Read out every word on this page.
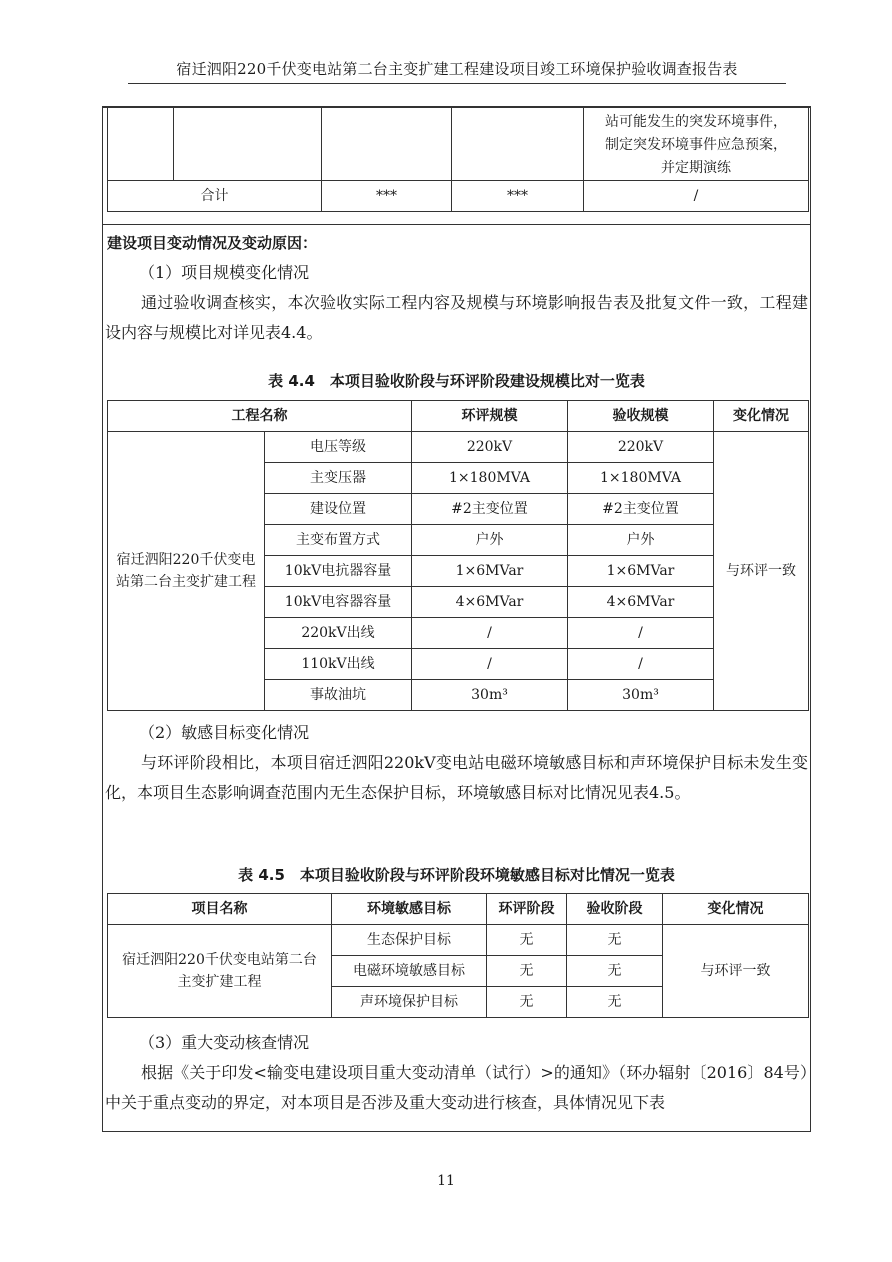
宿迁泗阳220千伏变电站第二台主变扩建工程建设项目竣工环境保护验收调查报告表

				站可能发生的突发环境事件，
制定突发环境事件应急预案，
并定期演练

合计		***	***	/
建设项目变动情况及变动原因：
（1）项目规模变化情况

通过验收调查核实，本次验收实际工程内容及规模与环境影响报告表及批复文件一致，工程建设内容与规模比对详见表4.4。

表 4.4　本项目验收阶段与环评阶段建设规模比对一览表
工程名称		环评规模	验收规模	变化情况
宿迁泗阳220千伏变电站第二台主变扩建工程	电压等级	220kV	220kV	与环评一致
	主变压器	1×180MVA	1×180MVA	
	建设位置	#2主变位置	#2主变位置	
	主变布置方式	户外	户外	
	10kV电抗器容量	1×6MVar	1×6MVar	
	10kV电容器容量	4×6MVar	4×6MVar	
	220kV出线	/	/	
	110kV出线	/	/	
	事故油坑	30m³	30m³	
（2）敏感目标变化情况

与环评阶段相比，本项目宿迁泗阳220kV变电站电磁环境敏感目标和声环境保护目标未发生变化，本项目生态影响调查范围内无生态保护目标，环境敏感目标对比情况见表4.5。

表 4.5　本项目验收阶段与环评阶段环境敏感目标对比情况一览表
项目名称	环境敏感目标	环评阶段	验收阶段	变化情况
宿迁泗阳220千伏变电站第二台主变扩建工程	生态保护目标	无	无	与环评一致
	电磁环境敏感目标	无	无	
	声环境保护目标	无	无	
（3）重大变动核查情况

根据《关于印发<输变电建设项目重大变动清单（试行）>的通知》（环办辐射〔2016〕84号）中关于重点变动的界定，对本项目是否涉及重大变动进行核查，具体情况见下表

11
